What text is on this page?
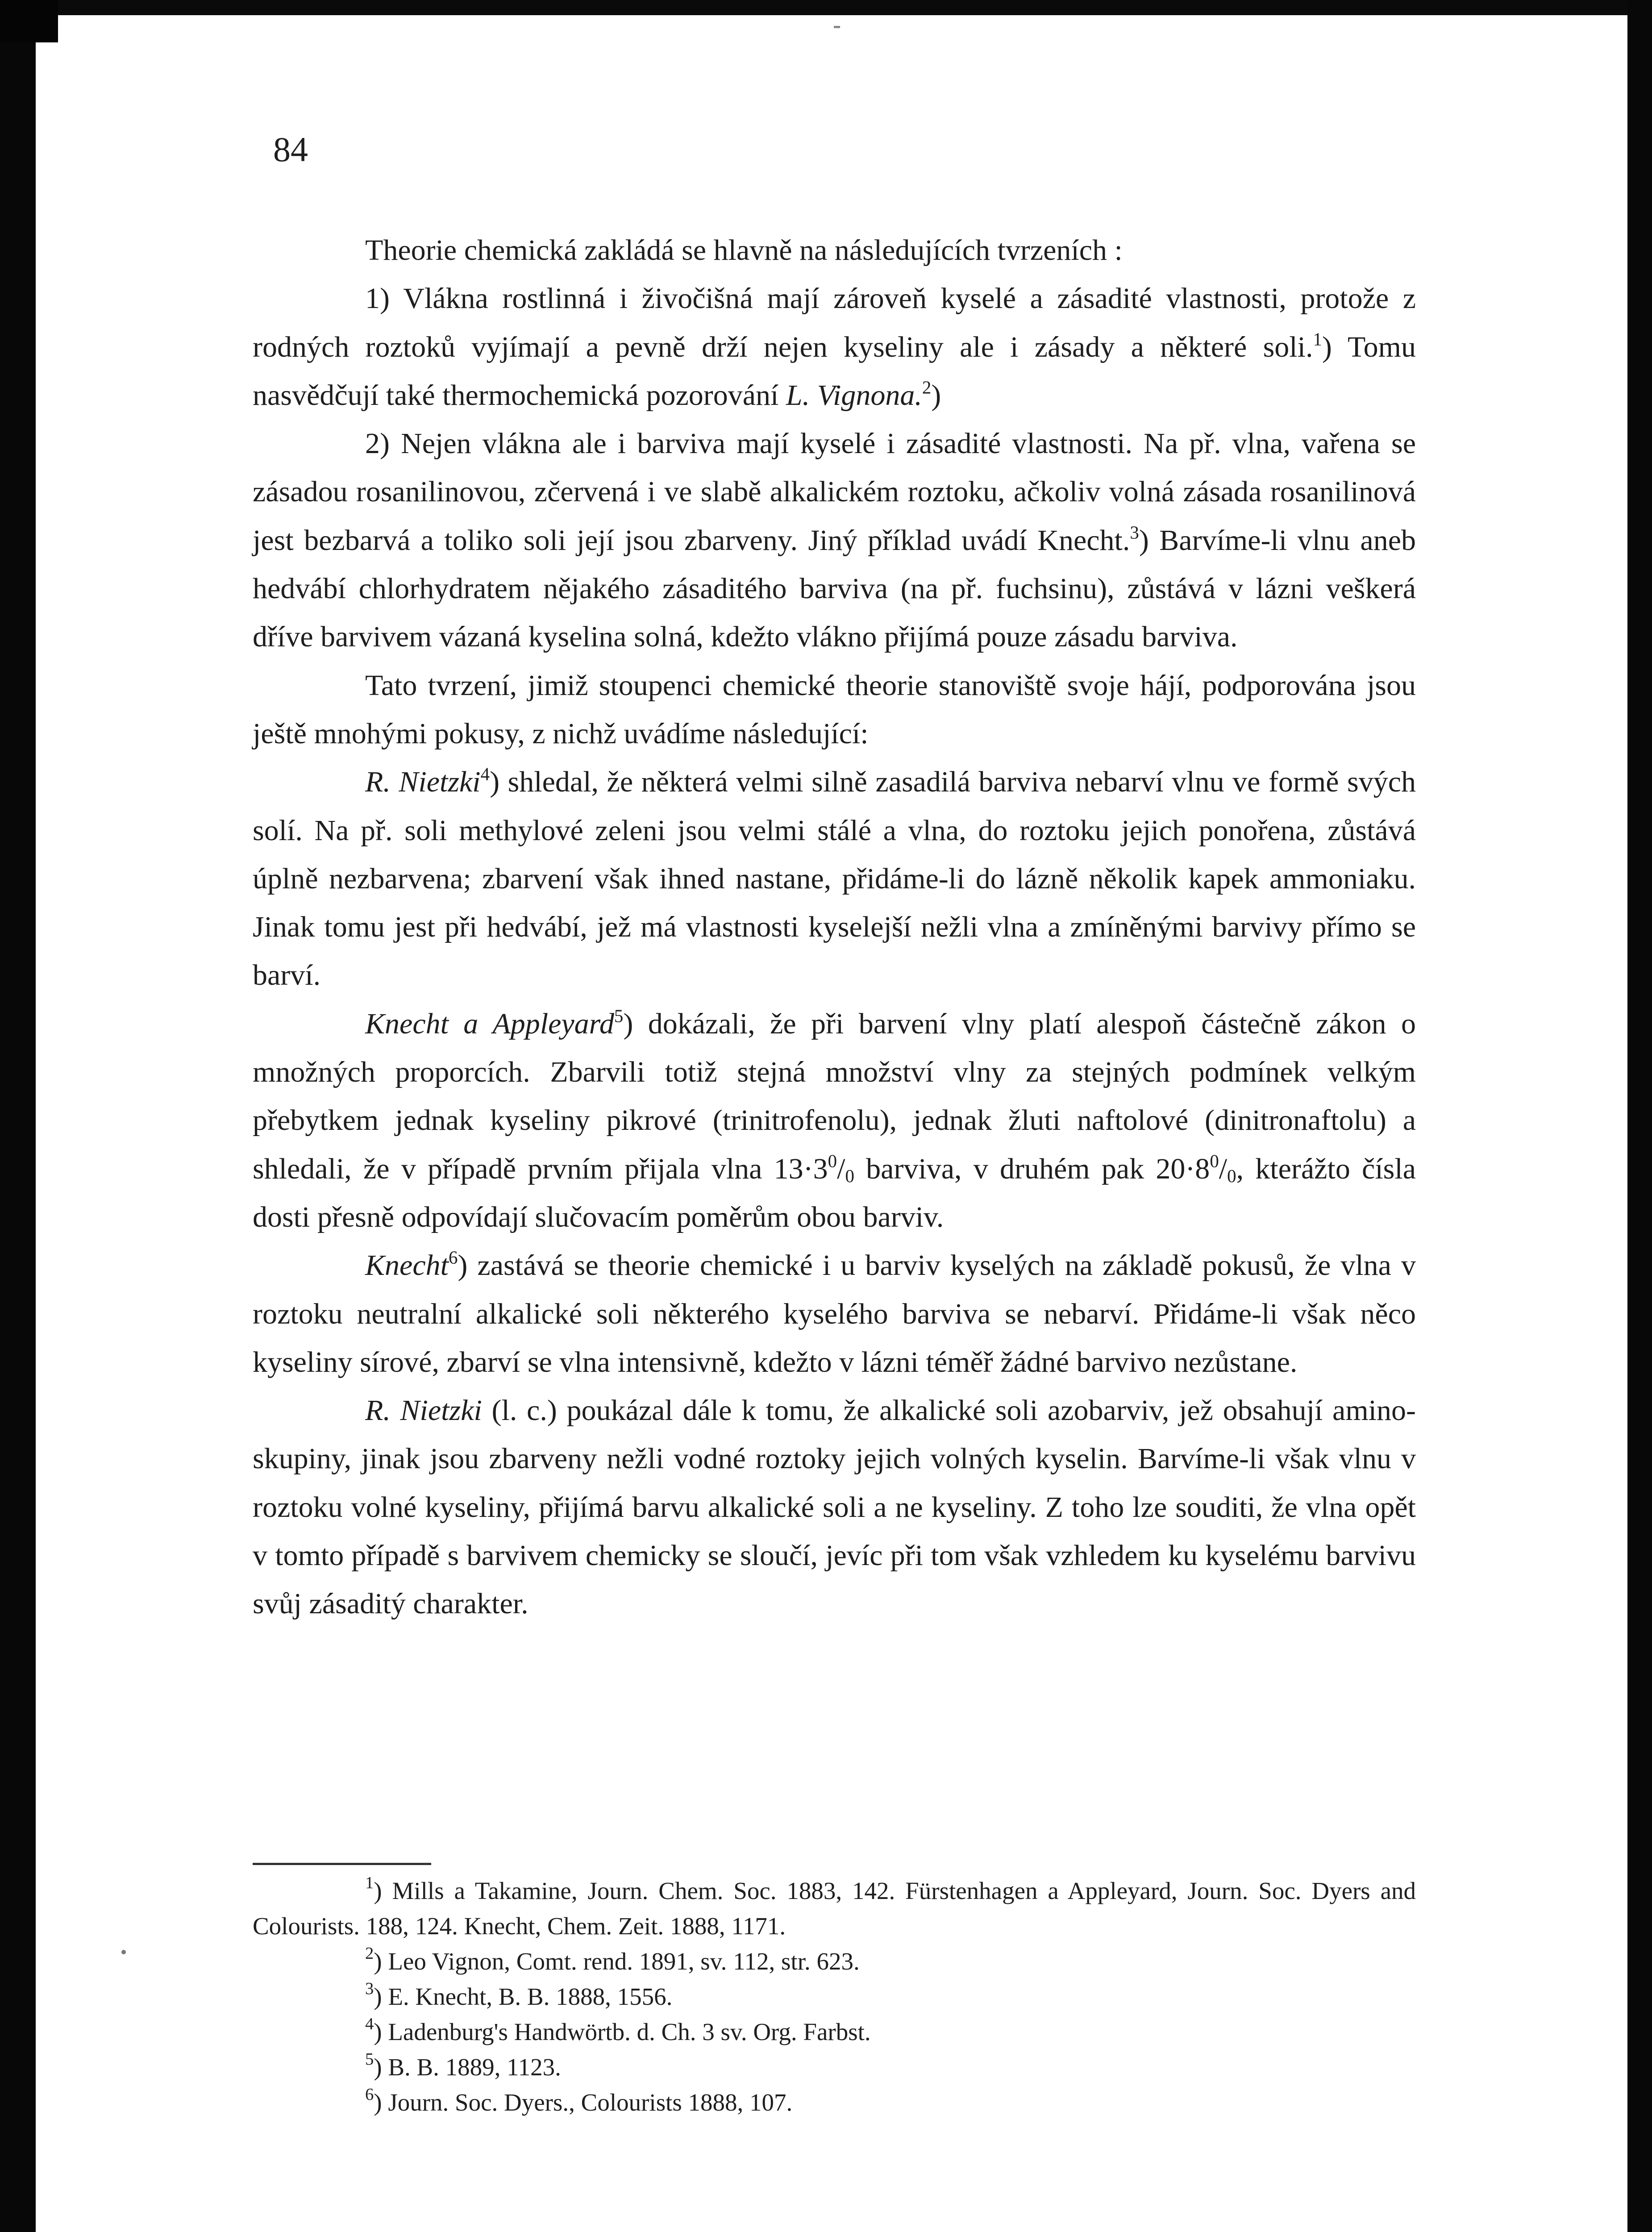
84

Theorie chemická zakládá se hlavně na následujících tvrzeních :

1) Vlákna rostlinná i živočišná mají zároveň kyselé a zásadité vlastnosti, protože z rodných roztoků vyjímají a pevně drží nejen kyseliny ale i zásady a některé soli.$^1$) Tomu nasvědčují také thermochemická pozorování L. Vignona.$^2$)

2) Nejen vlákna ale i barviva mají kyselé i zásadité vlastnosti. Na př. vlna, vařena se zásadou rosanilinovou, zčervená i ve slabě alkalickém roztoku, ačkoliv volná zásada rosanilinová jest bezbarvá a toliko soli její jsou zbarveny. Jiný příklad uvádí Knecht.$^3$) Barvíme-li vlnu aneb hedvábí chlorhydratem nějakého zásaditého barviva (na př. fuchsinu), zůstává v lázni veškerá dříve barvivem vázaná kyselina solná, kdežto vlákno přijímá pouze zásadu barviva.

Tato tvrzení, jimiž stoupenci chemické theorie stanoviště svoje hájí, podporována jsou ještě mnohými pokusy, z nichž uvádíme následující:

R. Nietzki$^4$) shledal, že některá velmi silně zasadilá barviva nebarví vlnu ve formě svých solí. Na př. soli methylové zeleni jsou velmi stálé a vlna, do roztoku jejich ponořena, zůstává úplně nezbarvena; zbarvení však ihned nastane, přidáme-li do lázně několik kapek ammoniaku. Jinak tomu jest při hedvábí, jež má vlastnosti kyselejší nežli vlna a zmíněnými barvivy přímo se barví.

Knecht a Appleyard$^5$) dokázali, že při barvení vlny platí alespoň částečně zákon o množných proporcích. Zbarvili totiž stejná množství vlny za stejných podmínek velkým přebytkem jednak kyseliny pikrové (trinitrofenolu), jednak žluti naftolové (dinitronaftolu) a shledali, že v případě prvním přijala vlna $13\cdot 3^0/_0$ barviva, v druhém pak $20\cdot 8^0/_0$, kterážto čísla dosti přesně odpovídají slučovacím poměrům obou barviv.

Knecht$^6$) zastává se theorie chemické i u barviv kyselých na základě pokusů, že vlna v roztoku neutralní alkalické soli některého kyselého barviva se nebarví. Přidáme-li však něco kyseliny sírové, zbarví se vlna intensivně, kdežto v lázni téměř žádné barvivo nezůstane.

R. Nietzki (l. c.) poukázal dále k tomu, že alkalické soli azobarviv, jež obsahují amino-skupiny, jinak jsou zbarveny nežli vodné roztoky jejich volných kyselin. Barvíme-li však vlnu v roztoku volné kyseliny, přijímá barvu alkalické soli a ne kyseliny. Z toho lze souditi, že vlna opět v tomto případě s barvivem chemicky se sloučí, jevíc při tom však vzhledem ku kyselému barvivu svůj zásaditý charakter.

$^1$) Mills a Takamine, Journ. Chem. Soc. 1883, 142. Fürstenhagen a Appleyard, Journ. Soc. Dyers and Colourists. 188, 124. Knecht, Chem. Zeit. 1888, 1171.

$^2$) Leo Vignon, Comt. rend. 1891, sv. 112, str. 623.

$^3$) E. Knecht, B. B. 1888, 1556.

$^4$) Ladenburg's Handwörtb. d. Ch. 3 sv. Org. Farbst.

$^5$) B. B. 1889, 1123.

$^6$) Journ. Soc. Dyers., Colourists 1888, 107.
